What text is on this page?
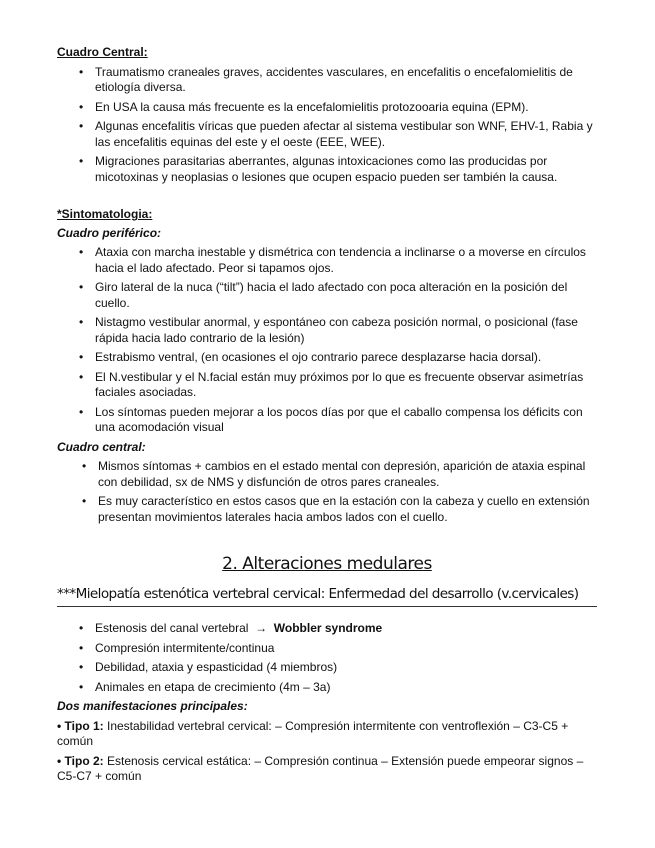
Cuadro Central:
• Traumatismo craneales graves, accidentes vasculares, en encefalitis o encefalomielitis de etiología diversa.
• En USA la causa más frecuente es la encefalomielitis protozooaria equina (EPM).
• Algunas encefalitis víricas que pueden afectar al sistema vestibular son WNF, EHV-1, Rabia y las encefalitis equinas del este y el oeste (EEE, WEE).
• Migraciones parasitarias aberrantes, algunas intoxicaciones como las producidas por micotoxinas y neoplasias o lesiones que ocupen espacio pueden ser también la causa.
*Sintomatologia:
Cuadro periférico:
• Ataxia con marcha inestable y dismétrica con tendencia a inclinarse o a moverse en círculos hacia el lado afectado. Peor si tapamos ojos.
• Giro lateral de la nuca (“tilt”) hacia el lado afectado con poca alteración en la posición del cuello.
• Nistagmo vestibular anormal, y espontáneo con cabeza posición normal, o posicional (fase rápida hacia lado contrario de la lesión)
• Estrabismo ventral, (en ocasiones el ojo contrario parece desplazarse hacia dorsal).
• El N.vestibular y el N.facial están muy próximos por lo que es frecuente observar asimetrías faciales asociadas.
• Los síntomas pueden mejorar a los pocos días por que el caballo compensa los déficits con una acomodación visual
Cuadro central:
• Mismos síntomas + cambios en el estado mental con depresión, aparición de ataxia espinal con debilidad, sx de NMS y disfunción de otros pares craneales.
• Es muy característico en estos casos que en la estación con la cabeza y cuello en extensión presentan movimientos laterales hacia ambos lados con el cuello.
2. Alteraciones medulares
***Mielopatía estenótica vertebral cervical: Enfermedad del desarrollo (v.cervicales)
• Estenosis del canal vertebral  →  Wobbler syndrome
• Compresión intermitente/continua
• Debilidad, ataxia y espasticidad (4 miembros)
• Animales en etapa de crecimiento (4m – 3a)
Dos manifestaciones principales:
• Tipo 1: Inestabilidad vertebral cervical: – Compresión intermitente con ventroflexión – C3-C5 + común
• Tipo 2: Estenosis cervical estática: – Compresión continua – Extensión puede empeorar signos – C5-C7 + común
